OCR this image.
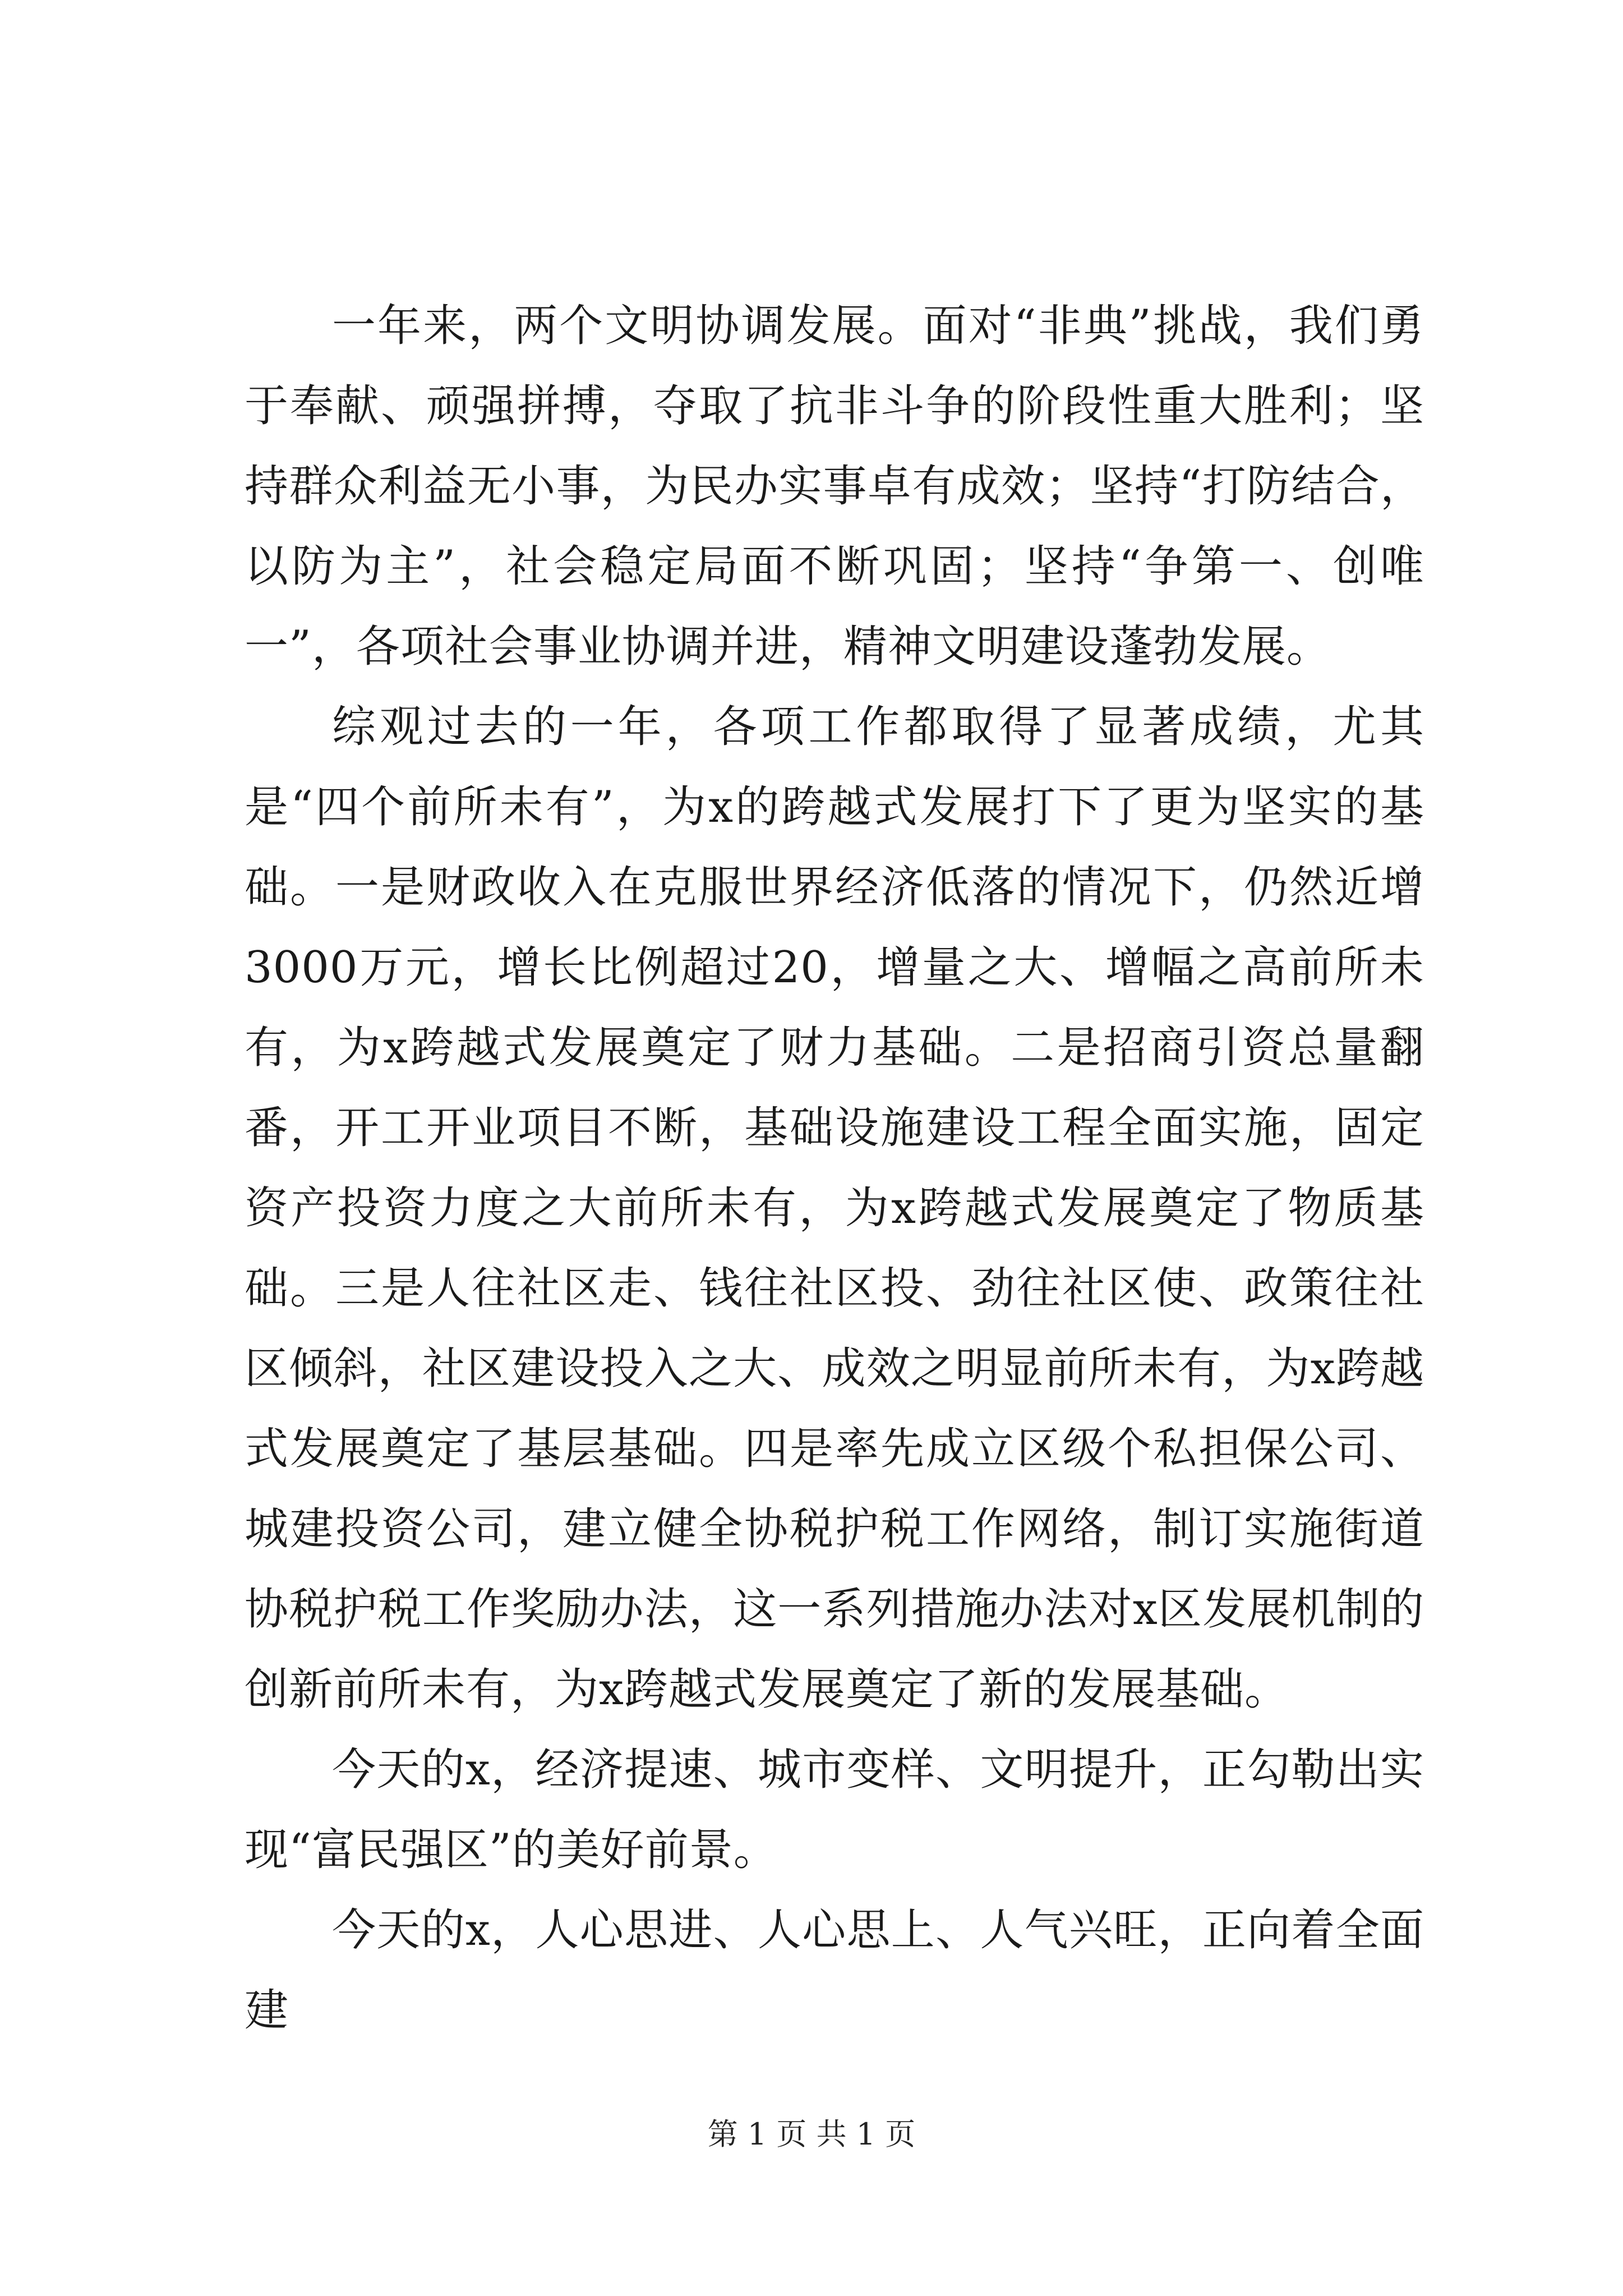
一年来，两个文明协调发展。面对“非典”挑战，我们勇于奉献、顽强拼搏，夺取了抗非斗争的阶段性重大胜利；坚持群众利益无小事，为民办实事卓有成效；坚持“打防结合，以防为主”，社会稳定局面不断巩固；坚持“争第一、创唯一”，各项社会事业协调并进，精神文明建设蓬勃发展。

综观过去的一年，各项工作都取得了显著成绩，尤其是“四个前所未有”，为x的跨越式发展打下了更为坚实的基础。一是财政收入在克服世界经济低落的情况下，仍然近增3000万元，增长比例超过20，增量之大、增幅之高前所未有，为x跨越式发展奠定了财力基础。二是招商引资总量翻番，开工开业项目不断，基础设施建设工程全面实施，固定资产投资力度之大前所未有，为x跨越式发展奠定了物质基础。三是人往社区走、钱往社区投、劲往社区使、政策往社区倾斜，社区建设投入之大、成效之明显前所未有，为x跨越式发展奠定了基层基础。四是率先成立区级个私担保公司、城建投资公司，建立健全协税护税工作网络，制订实施街道协税护税工作奖励办法，这一系列措施办法对x区发展机制的创新前所未有，为x跨越式发展奠定了新的发展基础。

今天的x，经济提速、城市变样、文明提升，正勾勒出实现“富民强区”的美好前景。

今天的x，人心思进、人心思上、人气兴旺，正向着全面建

第 1 页 共 1 页
